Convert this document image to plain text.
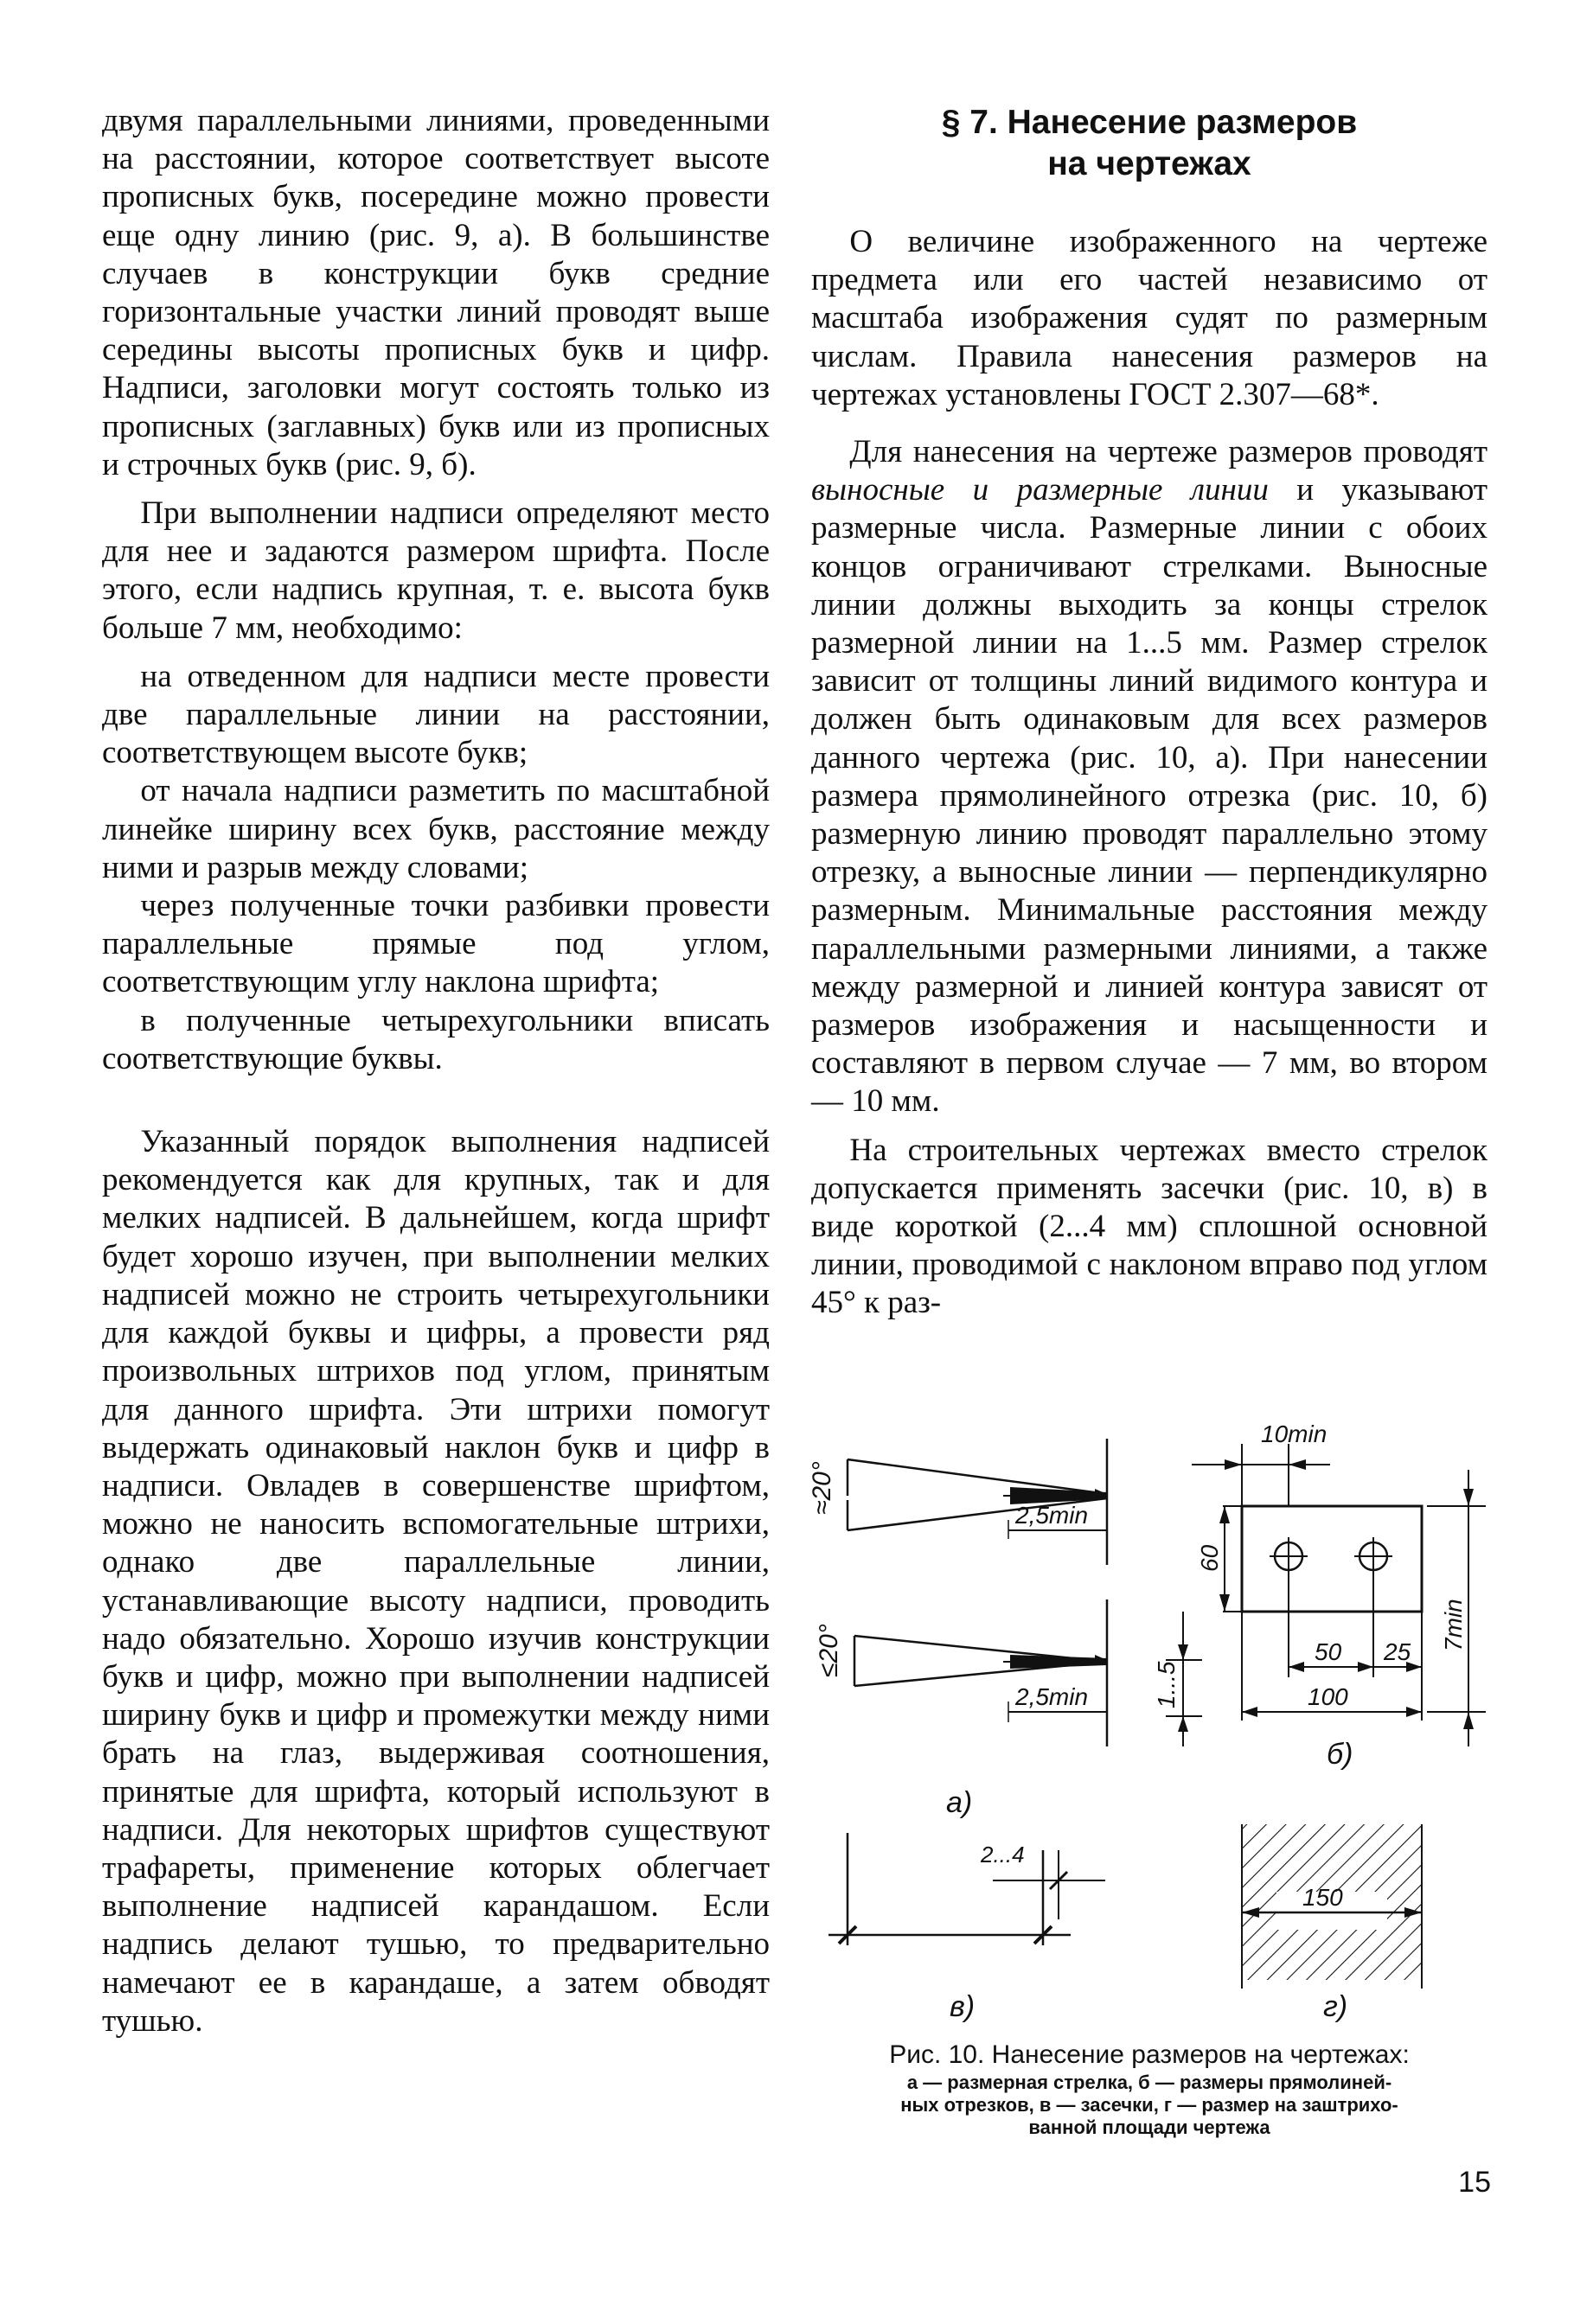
двумя параллельными линиями, проведенными на расстоянии, которое соответствует высоте прописных букв, посередине можно провести еще одну линию (рис. 9, а). В большинстве случаев в конструкции букв средние горизонтальные участки линий проводят выше середины высоты прописных букв и цифр. Надписи, заголовки могут состоять только из прописных (заглавных) букв или из прописных и строчных букв (рис. 9, б).

При выполнении надписи определяют место для нее и задаются размером шрифта. После этого, если надпись крупная, т. е. высота букв больше 7 мм, необходимо:

на отведенном для надписи месте провести две параллельные линии на расстоянии, соответствующем высоте букв;

от начала надписи разметить по масштабной линейке ширину всех букв, расстояние между ними и разрыв между словами;

через полученные точки разбивки провести параллельные прямые под углом, соответствующим углу наклона шрифта;

в полученные четырехугольники вписать соответствующие буквы.

Указанный порядок выполнения надписей рекомендуется как для крупных, так и для мелких надписей. В дальнейшем, когда шрифт будет хорошо изучен, при выполнении мелких надписей можно не строить четырехугольники для каждой буквы и цифры, а провести ряд произвольных штрихов под углом, принятым для данного шрифта. Эти штрихи помогут выдержать одинаковый наклон букв и цифр в надписи. Овладев в совершенстве шрифтом, можно не наносить вспомогательные штрихи, однако две параллельные линии, устанавливающие высоту надписи, проводить надо обязательно. Хорошо изучив конструкции букв и цифр, можно при выполнении надписей ширину букв и цифр и промежутки между ними брать на глаз, выдерживая соотношения, принятые для шрифта, который используют в надписи. Для некоторых шрифтов существуют трафареты, применение которых облегчает выполнение надписей карандашом. Если надпись делают тушью, то предварительно намечают ее в карандаше, а затем обводят тушью.

§ 7. Нанесение размеров
на чертежах

О величине изображенного на чертеже предмета или его частей независимо от масштаба изображения судят по размерным числам. Правила нанесения размеров на чертежах установлены ГОСТ 2.307—68*.

Для нанесения на чертеже размеров проводят выносные и размерные линии и указывают размерные числа. Размерные линии с обоих концов ограничивают стрелками. Выносные линии должны выходить за концы стрелок размерной линии на 1...5 мм. Размер стрелок зависит от толщины линий видимого контура и должен быть одинаковым для всех размеров данного чертежа (рис. 10, а). При нанесении размера прямолинейного отрезка (рис. 10, б) размерную линию проводят параллельно этому отрезку, а выносные линии — перпендикулярно размерным. Минимальные расстояния между параллельными размерными линиями, а также между размерной и линией контура зависят от размеров изображения и насыщенности и составляют в первом случае — 7 мм, во втором — 10 мм.

На строительных чертежах вместо стрелок допускается применять засечки (рис. 10, в) в виде короткой (2...4 мм) сплошной основной линии, проводимой с наклоном вправо под углом 45° к раз-

≈20°
≤20°
2,5min
2,5min
10min
60
1...5
50 25
100
7min
2...4
150
а)
б)
в)	г)
Рис. 10. Нанесение размеров на чертежах:
а — размерная стрелка, б — размеры прямолиней-
ных отрезков, в — засечки, г — размер на заштрихо-
ванной площади чертежа
15
